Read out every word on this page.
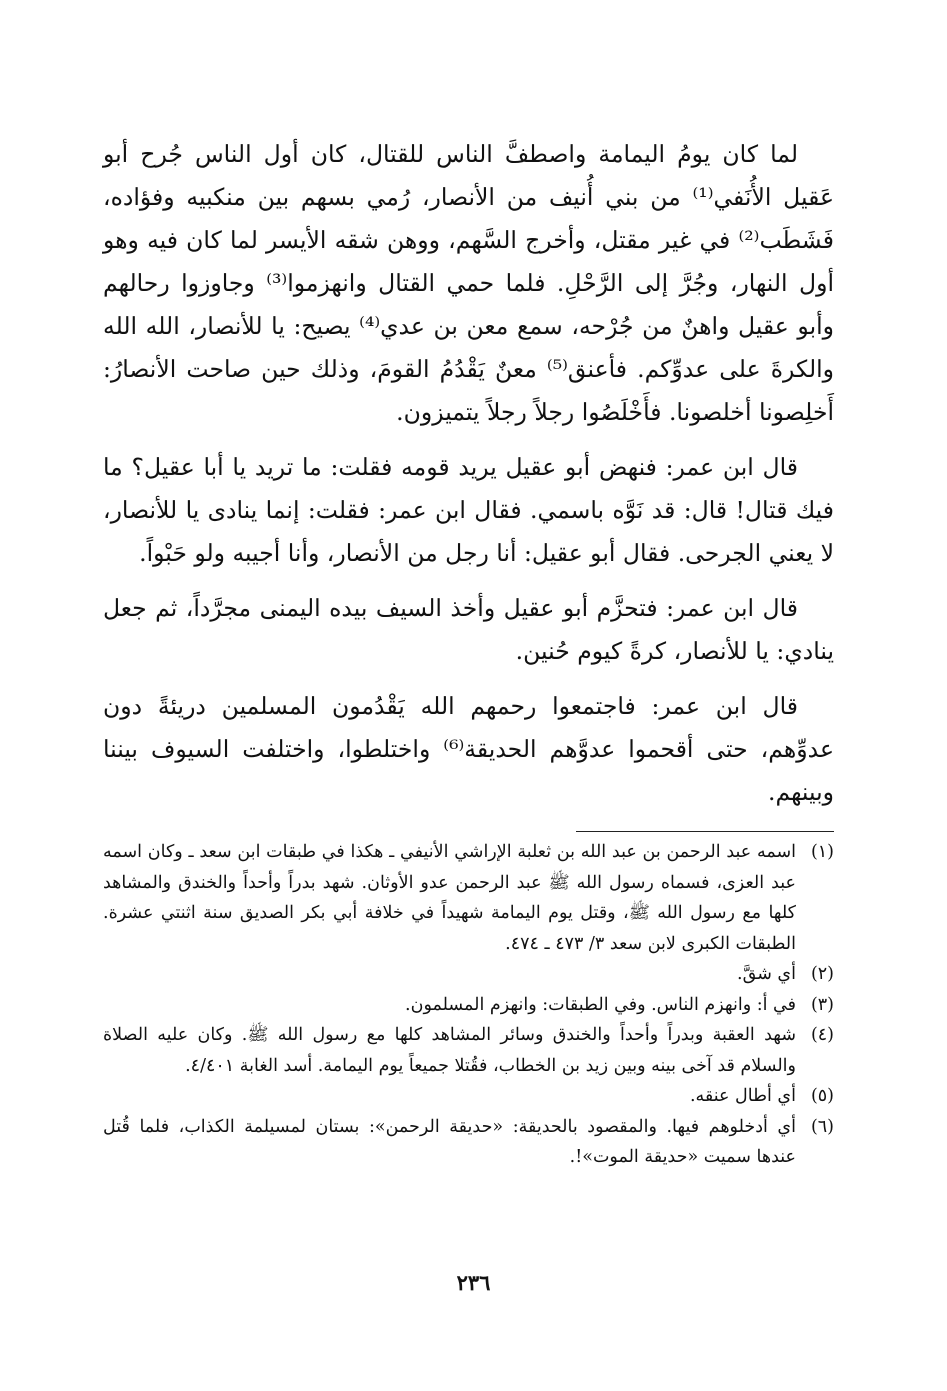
لما كان يومُ اليمامة واصطفَّ الناس للقتال، كان أول الناس جُرح أبو عَقيل الأُنَفي⁽¹⁾ من بني أُنيف من الأنصار، رُمي بسهم بين منكبيه وفؤاده، فَشَطَب⁽²⁾ في غير مقتل، وأخرج السَّهم، ووهن شقه الأيسر لما كان فيه وهو أول النهار، وجُرَّ إلى الرَّحْلِ. فلما حمي القتال وانهزموا⁽³⁾ وجاوزوا رحالهم وأبو عقيل واهنٌ من جُرْحه، سمع معن بن عدي⁽⁴⁾ يصيح: يا للأنصار، الله الله والكرةَ على عدوِّكم. فأعنق⁽⁵⁾ معنٌ يَقْدُمُ القومَ، وذلك حين صاحت الأنصارُ: أَخلِصونا أخلصونا. فأَخْلَصُوا رجلاً رجلاً يتميزون.

قال ابن عمر: فنهض أبو عقيل يريد قومه فقلت: ما تريد يا أبا عقيل؟ ما فيك قتال! قال: قد نَوَّه باسمي. فقال ابن عمر: فقلت: إنما ينادى يا للأنصار، لا يعني الجرحى. فقال أبو عقيل: أنا رجل من الأنصار، وأنا أجيبه ولو حَبْواً.

قال ابن عمر: فتحزَّم أبو عقيل وأخذ السيف بيده اليمنى مجرَّداً، ثم جعل ينادي: يا للأنصار، كرةً كيوم حُنين.

قال ابن عمر: فاجتمعوا رحمهم الله يَقْدُمون المسلمين دريئةً دون عدوِّهم، حتى أقحموا عدوَّهم الحديقة⁽⁶⁾ واختلطوا، واختلفت السيوف بيننا وبينهم.

(١)
اسمه عبد الرحمن بن عبد الله بن ثعلبة الإراشي الأنيفي ـ هكذا في طبقات ابن سعد ـ وكان اسمه عبد العزى، فسماه رسول الله ﷺ عبد الرحمن عدو الأوثان. شهد بدراً وأحداً والخندق والمشاهد كلها مع رسول الله ﷺ، وقتل يوم اليمامة شهيداً في خلافة أبي بكر الصديق سنة اثنتي عشرة. الطبقات الكبرى لابن سعد ٣/ ٤٧٣ ـ ٤٧٤.
(٢)
أي شقَّ.
(٣)
في أ: وانهزم الناس. وفي الطبقات: وانهزم المسلمون.
(٤)
شهد العقبة وبدراً وأحداً والخندق وسائر المشاهد كلها مع رسول الله ﷺ. وكان عليه الصلاة والسلام قد آخى بينه وبين زيد بن الخطاب، فقُتلا جميعاً يوم اليمامة. أسد الغابة ٤/٤٠١.
(٥)
أي أطال عنقه.
(٦)
أي أدخلوهم فيها. والمقصود بالحديقة: «حديقة الرحمن»: بستان لمسيلمة الكذاب، فلما قُتل عندها سميت «حديقة الموت»!.
٢٣٦
